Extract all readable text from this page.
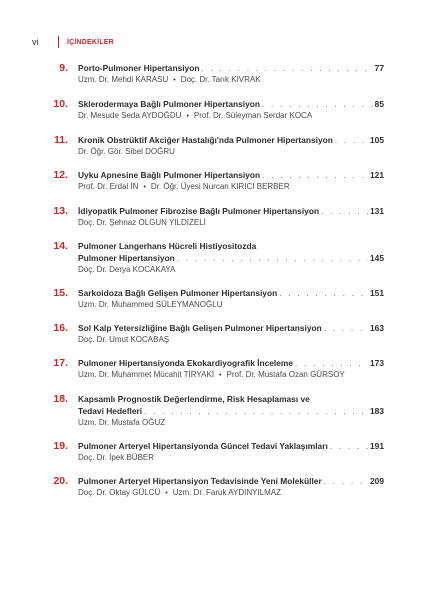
vi	İÇİNDEKİLER
9.	Porto-Pulmoner Hipertansiyon . . .	77
Uzm. Dr. Mehdi KARASU • Doç. Dr. Tarık KIVRAK
10.	Sklerodermaya Bağlı Pulmoner Hipertansiyon . . .	85
Dr. Mesude Seda AYDOĞDU • Prof. Dr. Süleyman Serdar KOCA
11.	Kronik Obstrüktif Akciğer Hastalığı'nda Pulmoner Hipertansiyon . . .	105
Dr. Öğr. Gör. Sibel DOĞRU
12.	Uyku Apnesine Bağlı Pulmoner Hipertansiyon . . .	121
Prof. Dr. Erdal İN • Dr. Öğr. Üyesi Nurcan KIRICI BERBER
13.	İdiyopatik Pulmoner Fibrozise Bağlı Pulmoner Hipertansiyon . . .	131
Doç. Dr. Şehnaz OLGUN YILDIZELİ
14.	Pulmoner Langerhans Hücreli Histiyositozda
Pulmoner Hipertansiyon . . .	145
Doç. Dr. Derya KOCAKAYA
15.	Sarkoidoza Bağlı Gelişen Pulmoner Hipertansiyon . . .	151
Uzm. Dr. Muhammed SÜLEYMANOĞLU
16.	Sol Kalp Yetersizliğine Bağlı Gelişen Pulmoner Hipertansiyon . . .	163
Doç. Dr. Umut KOCABAŞ
17.	Pulmoner Hipertansiyonda Ekokardiyografik İnceleme . . .	173
Uzm. Dr. Muhammet Mücahit TİRYAKİ • Prof. Dr. Mustafa Ozan GÜRSOY
18.	Kapsamlı Prognostik Değerlendirme, Risk Hesaplaması ve
Tedavi Hedefleri . . .	183
Uzm. Dr. Mustafa OĞUZ
19.	Pulmoner Arteryel Hipertansiyonda Güncel Tedavi Yaklaşımları . . .	191
Doç. Dr. İpek BÜBER
20.	Pulmoner Arteryel Hipertansiyon Tedavisinde Yeni Moleküller . . .	209
Doç. Dr. Oktay GÜLCÜ • Uzm. Dr. Faruk AYDINYILMAZ
